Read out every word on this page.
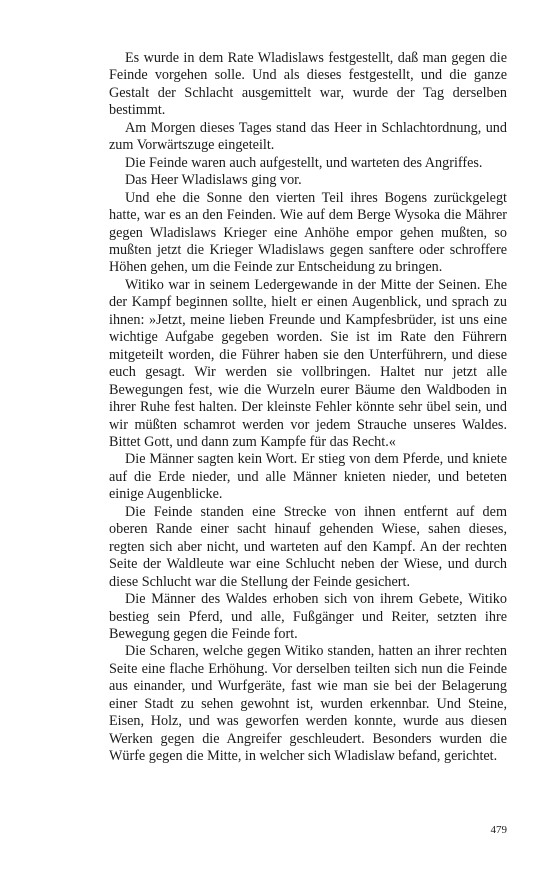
Es wurde in dem Rate Wladislaws festgestellt, daß man gegen die Feinde vorgehen solle. Und als dieses festgestellt, und die ganze Gestalt der Schlacht ausgemittelt war, wurde der Tag derselben bestimmt.

Am Morgen dieses Tages stand das Heer in Schlachtordnung, und zum Vorwärtszuge eingeteilt.

Die Feinde waren auch aufgestellt, und warteten des Angriffes.

Das Heer Wladislaws ging vor.

Und ehe die Sonne den vierten Teil ihres Bogens zurückgelegt hatte, war es an den Feinden. Wie auf dem Berge Wysoka die Mährer gegen Wladislaws Krieger eine Anhöhe empor gehen mußten, so mußten jetzt die Krieger Wladislaws gegen sanftere oder schroffere Höhen gehen, um die Feinde zur Entscheidung zu bringen.

Witiko war in seinem Ledergewande in der Mitte der Seinen. Ehe der Kampf beginnen sollte, hielt er einen Augenblick, und sprach zu ihnen: »Jetzt, meine lieben Freunde und Kampfesbrüder, ist uns eine wichtige Aufgabe gegeben worden. Sie ist im Rate den Führern mitgeteilt worden, die Führer haben sie den Unterführern, und diese euch gesagt. Wir werden sie vollbringen. Haltet nur jetzt alle Bewegungen fest, wie die Wurzeln eurer Bäume den Waldboden in ihrer Ruhe fest halten. Der kleinste Fehler könnte sehr übel sein, und wir müßten schamrot werden vor jedem Strauche unseres Waldes. Bittet Gott, und dann zum Kampfe für das Recht.«

Die Männer sagten kein Wort. Er stieg von dem Pferde, und kniete auf die Erde nieder, und alle Männer knieten nieder, und beteten einige Augenblicke.

Die Feinde standen eine Strecke von ihnen entfernt auf dem oberen Rande einer sacht hinauf gehenden Wiese, sahen dieses, regten sich aber nicht, und warteten auf den Kampf. An der rechten Seite der Waldleute war eine Schlucht neben der Wiese, und durch diese Schlucht war die Stellung der Feinde gesichert.

Die Männer des Waldes erhoben sich von ihrem Gebete, Witiko bestieg sein Pferd, und alle, Fußgänger und Reiter, setzten ihre Bewegung gegen die Feinde fort.

Die Scharen, welche gegen Witiko standen, hatten an ihrer rechten Seite eine flache Erhöhung. Vor derselben teilten sich nun die Feinde aus einander, und Wurfgeräte, fast wie man sie bei der Belagerung einer Stadt zu sehen gewohnt ist, wurden erkennbar. Und Steine, Eisen, Holz, und was geworfen werden konnte, wurde aus diesen Werken gegen die Angreifer geschleudert. Besonders wurden die Würfe gegen die Mitte, in welcher sich Wladislaw befand, gerichtet.

479
